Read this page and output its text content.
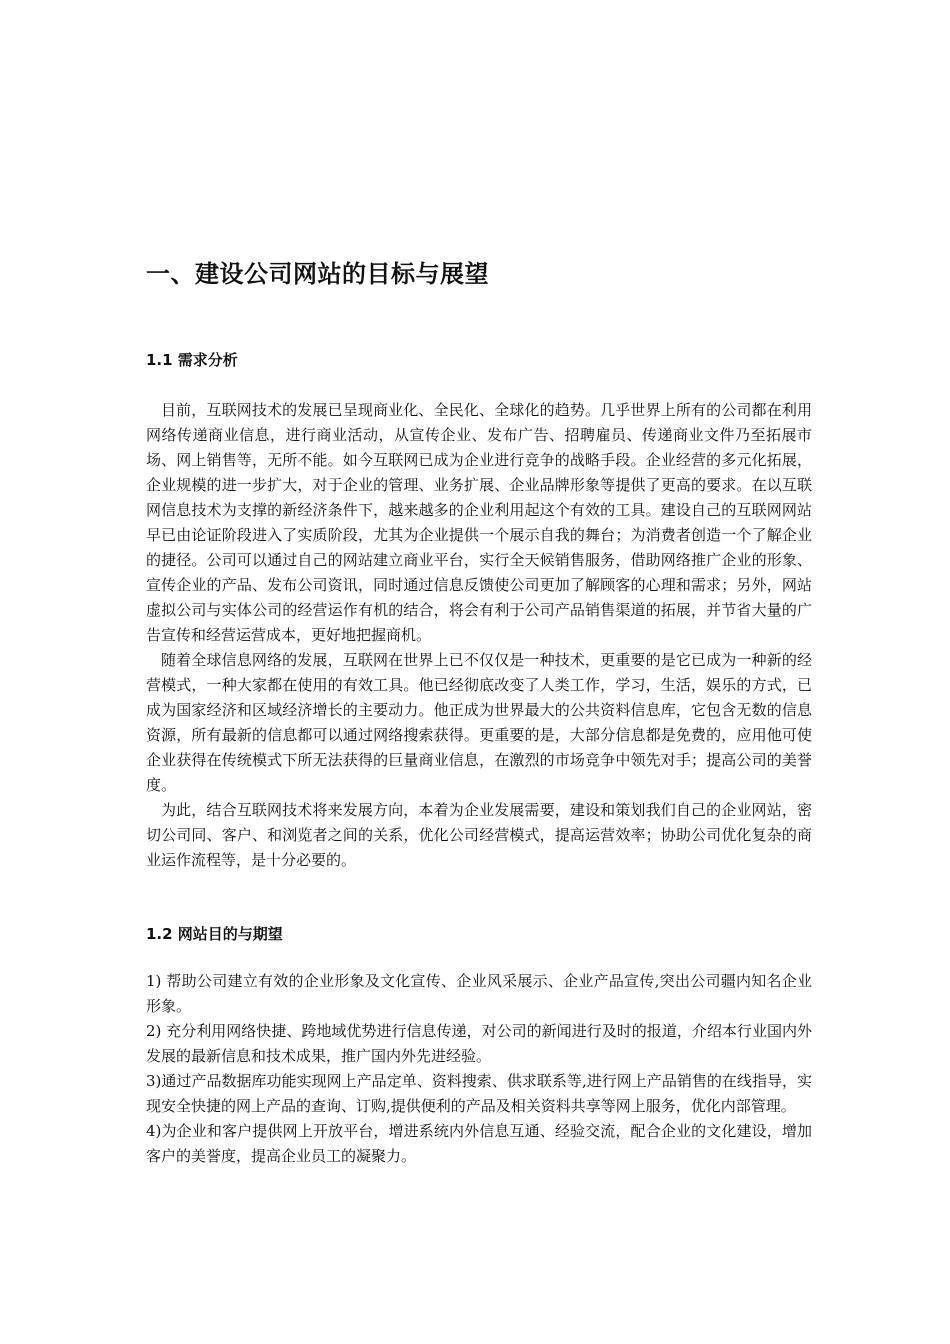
一、建设公司网站的目标与展望
1.1 需求分析

目前，互联网技术的发展已呈现商业化、全民化、全球化的趋势。几乎世界上所有的公司都在利用网络传递商业信息，进行商业活动，从宣传企业、发布广告、招聘雇员、传递商业文件乃至拓展市场、网上销售等，无所不能。如今互联网已成为企业进行竞争的战略手段。企业经营的多元化拓展，企业规模的进一步扩大，对于企业的管理、业务扩展、企业品牌形象等提供了更高的要求。在以互联网信息技术为支撑的新经济条件下，越来越多的企业利用起这个有效的工具。建设自己的互联网网站早已由论证阶段进入了实质阶段，尤其为企业提供一个展示自我的舞台；为消费者创造一个了解企业的捷径。公司可以通过自己的网站建立商业平台，实行全天候销售服务，借助网络推广企业的形象、宣传企业的产品、发布公司资讯，同时通过信息反馈使公司更加了解顾客的心理和需求；另外，网站虚拟公司与实体公司的经营运作有机的结合，将会有利于公司产品销售渠道的拓展，并节省大量的广告宣传和经营运营成本，更好地把握商机。

随着全球信息网络的发展，互联网在世界上已不仅仅是一种技术，更重要的是它已成为一种新的经营模式，一种大家都在使用的有效工具。他已经彻底改变了人类工作，学习，生活，娱乐的方式，已成为国家经济和区域经济增长的主要动力。他正成为世界最大的公共资料信息库，它包含无数的信息资源，所有最新的信息都可以通过网络搜索获得。更重要的是，大部分信息都是免费的，应用他可使企业获得在传统模式下所无法获得的巨量商业信息，在激烈的市场竞争中领先对手；提高公司的美誉度。

为此，结合互联网技术将来发展方向，本着为企业发展需要，建设和策划我们自己的企业网站，密切公司同、客户、和浏览者之间的关系，优化公司经营模式，提高运营效率；协助公司优化复杂的商业运作流程等，是十分必要的。

1.2 网站目的与期望

1) 帮助公司建立有效的企业形象及文化宣传、企业风采展示、企业产品宣传,突出公司疆内知名企业形象。

2) 充分利用网络快捷、跨地域优势进行信息传递，对公司的新闻进行及时的报道，介绍本行业国内外发展的最新信息和技术成果，推广国内外先进经验。

3)通过产品数据库功能实现网上产品定单、资料搜索、供求联系等,进行网上产品销售的在线指导，实现安全快捷的网上产品的查询、订购,提供便利的产品及相关资料共享等网上服务，优化内部管理。

4)为企业和客户提供网上开放平台，增进系统内外信息互通、经验交流，配合企业的文化建设，增加客户的美誉度，提高企业员工的凝聚力。
